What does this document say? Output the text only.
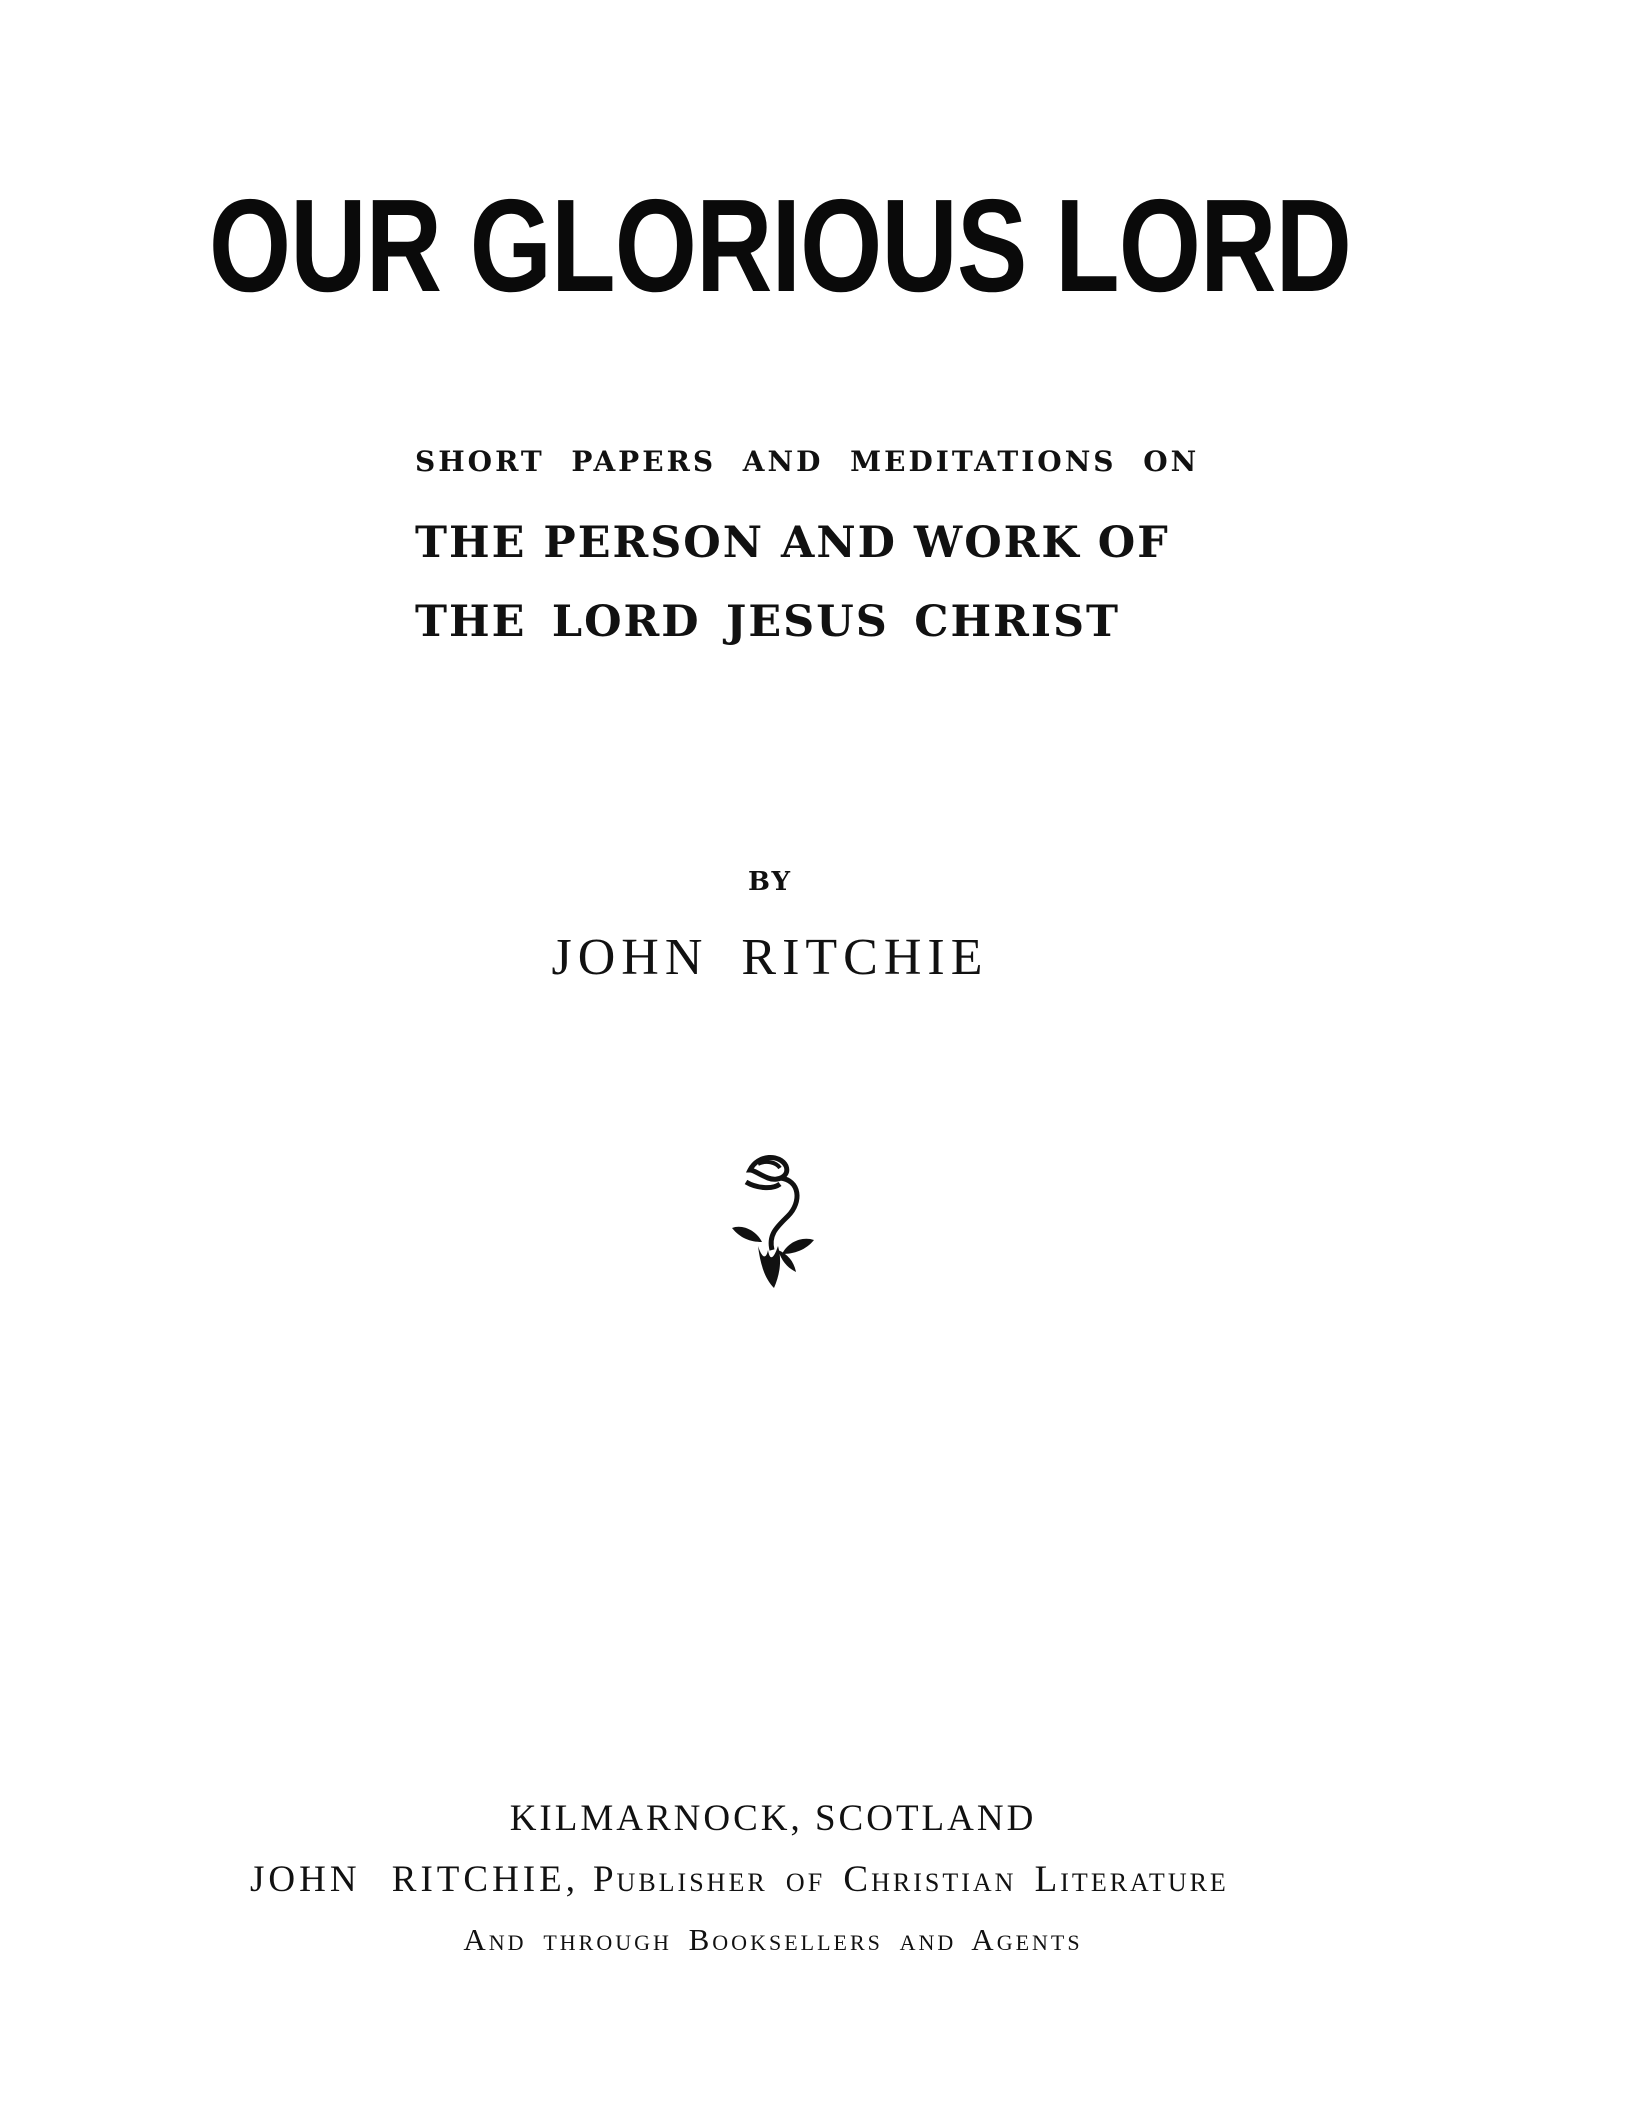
OUR GLORIOUS LORD
SHORT PAPERS AND MEDITATIONS ON
THE PERSON AND WORK OF
THE LORD JESUS CHRIST
BY
JOHN RITCHIE
KILMARNOCK, SCOTLAND
JOHN RITCHIE, Publisher of Christian Literature
And through Booksellers and Agents
